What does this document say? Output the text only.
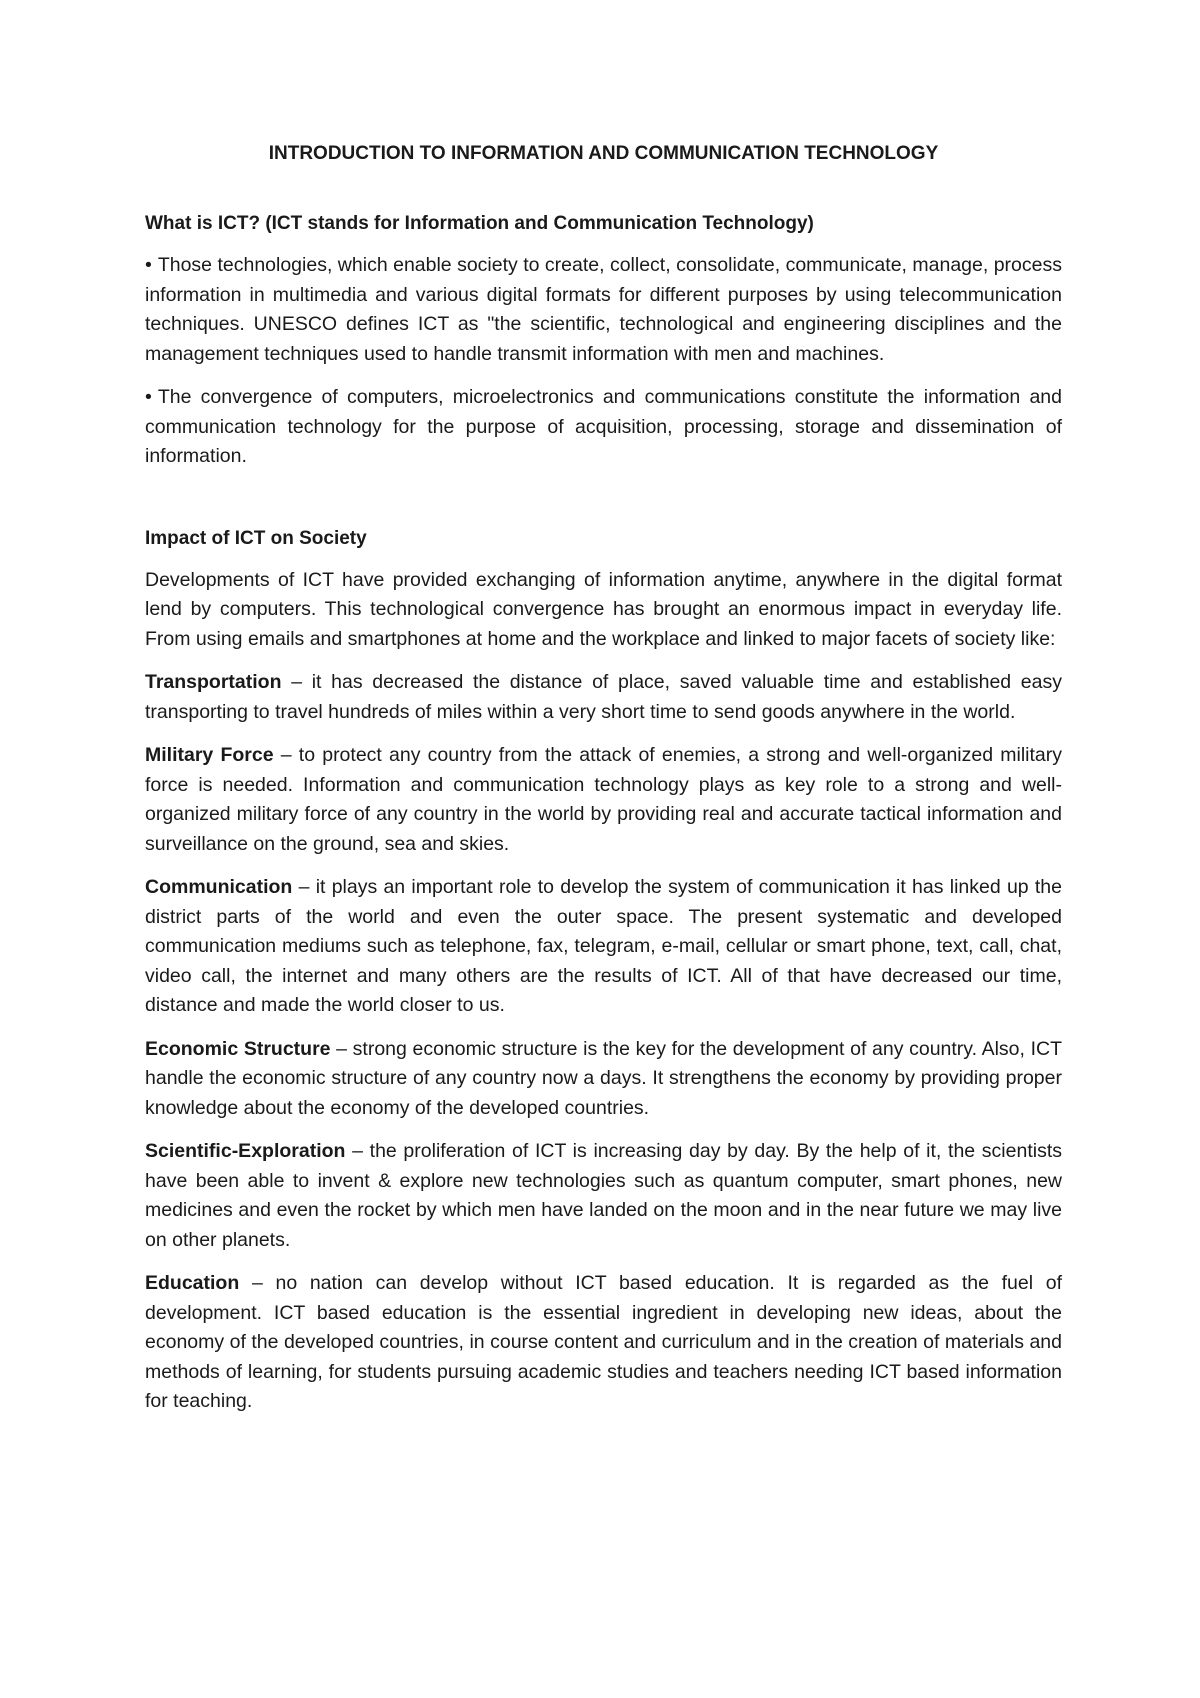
INTRODUCTION TO INFORMATION AND COMMUNICATION TECHNOLOGY
What is ICT? (ICT stands for Information and Communication Technology)

• Those technologies, which enable society to create, collect, consolidate, communicate, manage, process information in multimedia and various digital formats for different purposes by using telecommunication techniques. UNESCO defines ICT as "the scientific, technological and engineering disciplines and the management techniques used to handle transmit information with men and machines.

• The convergence of computers, microelectronics and communications constitute the information and communication technology for the purpose of acquisition, processing, storage and dissemination of information.

Impact of ICT on Society

Developments of ICT have provided exchanging of information anytime, anywhere in the digital format lend by computers. This technological convergence has brought an enormous impact in everyday life. From using emails and smartphones at home and the workplace and linked to major facets of society like:

Transportation – it has decreased the distance of place, saved valuable time and established easy transporting to travel hundreds of miles within a very short time to send goods anywhere in the world.

Military Force – to protect any country from the attack of enemies, a strong and well-organized military force is needed. Information and communication technology plays as key role to a strong and well-organized military force of any country in the world by providing real and accurate tactical information and surveillance on the ground, sea and skies.

Communication – it plays an important role to develop the system of communication it has linked up the district parts of the world and even the outer space. The present systematic and developed communication mediums such as telephone, fax, telegram, e-mail, cellular or smart phone, text, call, chat, video call, the internet and many others are the results of ICT. All of that have decreased our time, distance and made the world closer to us.

Economic Structure – strong economic structure is the key for the development of any country. Also, ICT handle the economic structure of any country now a days. It strengthens the economy by providing proper knowledge about the economy of the developed countries.

Scientific-Exploration – the proliferation of ICT is increasing day by day. By the help of it, the scientists have been able to invent & explore new technologies such as quantum computer, smart phones, new medicines and even the rocket by which men have landed on the moon and in the near future we may live on other planets.

Education – no nation can develop without ICT based education. It is regarded as the fuel of development. ICT based education is the essential ingredient in developing new ideas, about the economy of the developed countries, in course content and curriculum and in the creation of materials and methods of learning, for students pursuing academic studies and teachers needing ICT based information for teaching.
